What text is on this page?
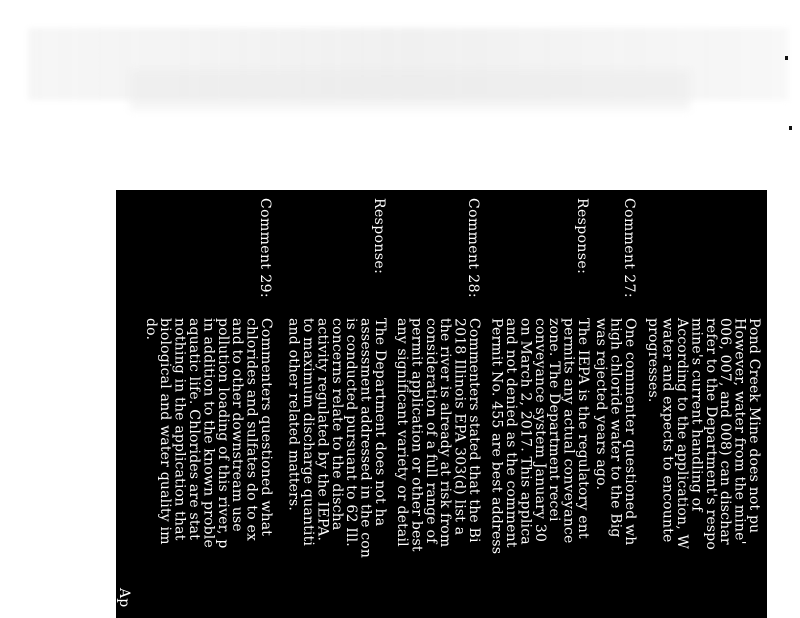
Pond Creek Mine does not pu
However, water from the mine'
006, 007, and 008) can dischar
refer to the Department's respo
mine's current handling of
According to the application, W
water and expects to encounte
progresses.
Comment 27:
One commenter questioned wh
high chloride water to the Big
was rejected years ago.
Response:
The IEPA is the regulatory ent
permits any actual conveyance
zone. The Department recei
conveyance system January 30
on March 2, 2017. This applica
and not denied as the comment
Permit No. 455 are best address
Comment 28:
Commenters stated that the Bi
2018 Illinois EPA 303(d) list a
the river is already at risk from
consideration of a full range of
permit application or other best
any significant variety or detail
Response:
The Department does not ha
assessment addressed in the con
is conducted pursuant to 62 Ill.
concerns relate to the discha
activity regulated by the IEPA.
to maximum discharge quantiti
and other related matters.
Comment 29:
Commenters questioned what
chlorides and sulfates do to ex
and to other downstream use
pollution loading of this river, p
in addition to the known proble
aquatic life. Chlorides are stat
nothing in the application that
biological and water quality im
do.
Ap
